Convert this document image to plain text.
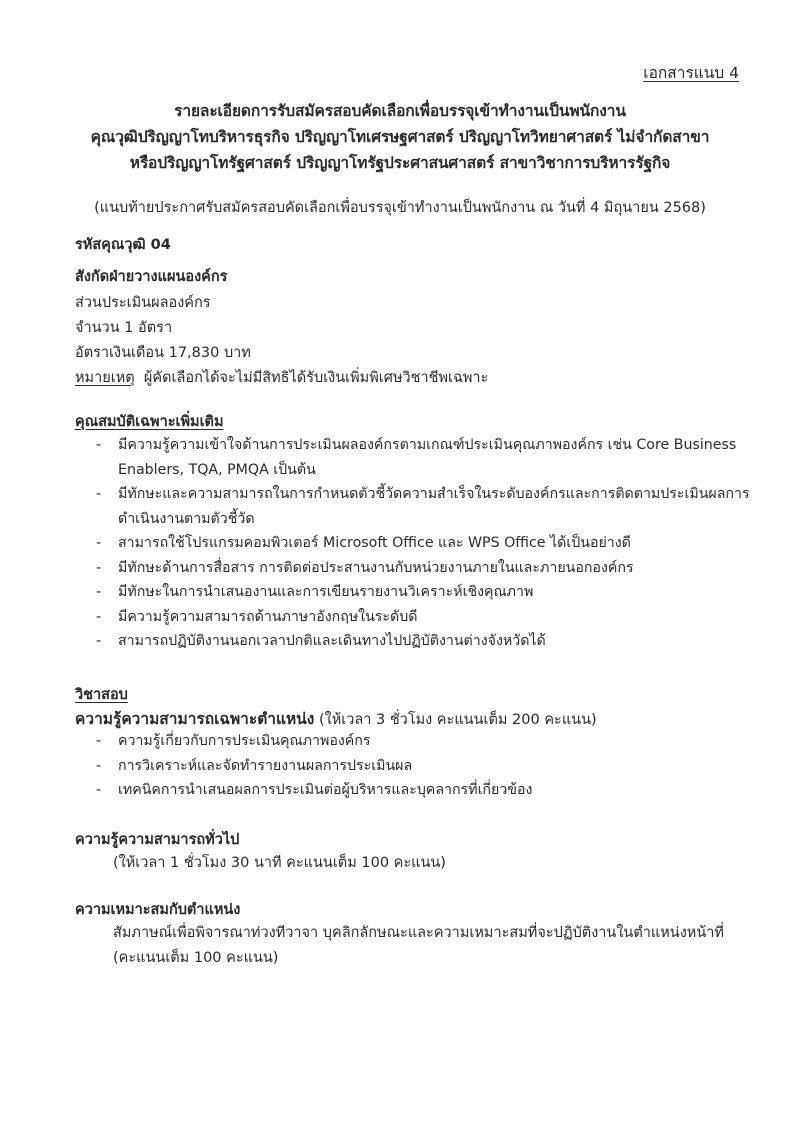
เอกสารแนบ 4
รายละเอียดการรับสมัครสอบคัดเลือกเพื่อบรรจุเข้าทำงานเป็นพนักงาน
คุณวุฒิปริญญาโทบริหารธุรกิจ ปริญญาโทเศรษฐศาสตร์ ปริญญาโทวิทยาศาสตร์ ไม่จำกัดสาขา
หรือปริญญาโทรัฐศาสตร์ ปริญญาโทรัฐประศาสนศาสตร์ สาขาวิชาการบริหารรัฐกิจ
(แนบท้ายประกาศรับสมัครสอบคัดเลือกเพื่อบรรจุเข้าทำงานเป็นพนักงาน ณ วันที่ 4 มิถุนายน 2568)
รหัสคุณวุฒิ 04
สังกัดฝ่ายวางแผนองค์กร
ส่วนประเมินผลองค์กร
จำนวน 1 อัตรา
อัตราเงินเดือน 17,830 บาท
หมายเหตุ ผู้คัดเลือกได้จะไม่มีสิทธิได้รับเงินเพิ่มพิเศษวิชาชีพเฉพาะ
คุณสมบัติเฉพาะเพิ่มเติม
- มีความรู้ความเข้าใจด้านการประเมินผลองค์กรตามเกณฑ์ประเมินคุณภาพองค์กร เช่น Core Business
Enablers, TQA, PMQA เป็นต้น
- มีทักษะและความสามารถในการกำหนดตัวชี้วัดความสำเร็จในระดับองค์กรและการติดตามประเมินผลการ
ดำเนินงานตามตัวชี้วัด
- สามารถใช้โปรแกรมคอมพิวเตอร์ Microsoft Office และ WPS Office ได้เป็นอย่างดี
- มีทักษะด้านการสื่อสาร การติดต่อประสานงานกับหน่วยงานภายในและภายนอกองค์กร
- มีทักษะในการนำเสนองานและการเขียนรายงานวิเคราะห์เชิงคุณภาพ
- มีความรู้ความสามารถด้านภาษาอังกฤษในระดับดี
- สามารถปฏิบัติงานนอกเวลาปกติและเดินทางไปปฏิบัติงานต่างจังหวัดได้
วิชาสอบ
ความรู้ความสามารถเฉพาะตำแหน่ง (ให้เวลา 3 ชั่วโมง คะแนนเต็ม 200 คะแนน)
- ความรู้เกี่ยวกับการประเมินคุณภาพองค์กร
- การวิเคราะห์และจัดทำรายงานผลการประเมินผล
- เทคนิคการนำเสนอผลการประเมินต่อผู้บริหารและบุคลากรที่เกี่ยวข้อง
ความรู้ความสามารถทั่วไป
(ให้เวลา 1 ชั่วโมง 30 นาที คะแนนเต็ม 100 คะแนน)
ความเหมาะสมกับตำแหน่ง
สัมภาษณ์เพื่อพิจารณาท่วงทีวาจา บุคลิกลักษณะและความเหมาะสมที่จะปฏิบัติงานในตำแหน่งหน้าที่
(คะแนนเต็ม 100 คะแนน)
